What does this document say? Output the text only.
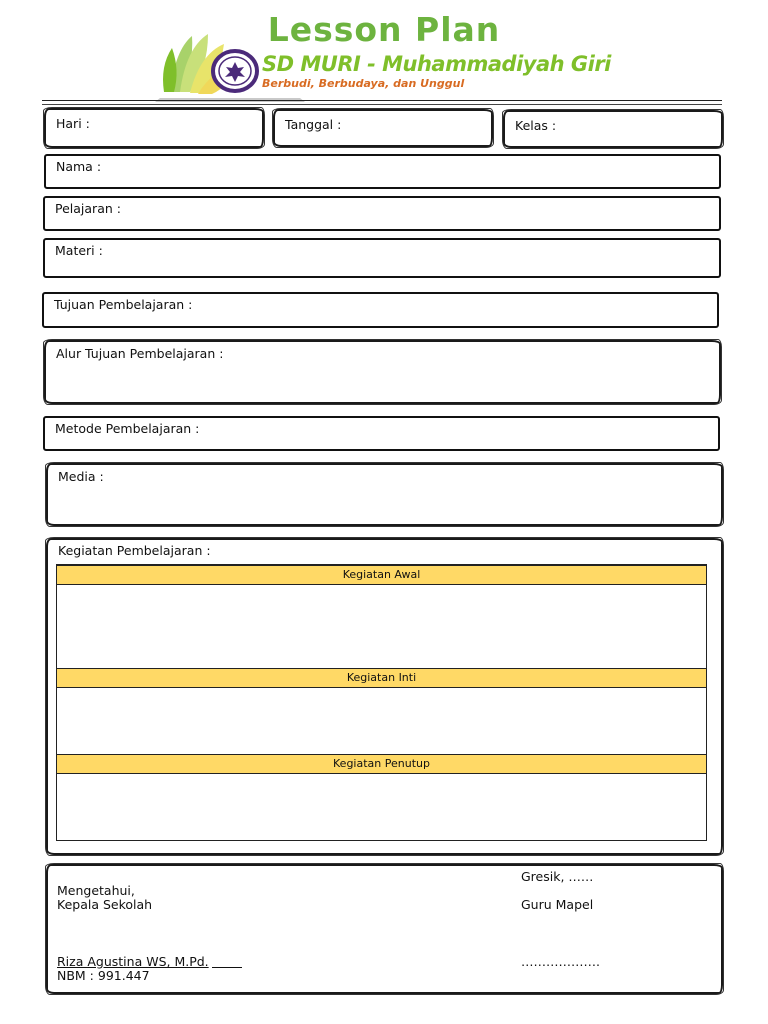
Lesson Plan
SD MURI - Muhammadiyah Giri
Berbudi, Berbudaya, dan Unggul
Hari :	Tanggal :	Kelas :
Nama :
Pelajaran :
Materi :
Tujuan Pembelajaran :
Alur Tujuan Pembelajaran :
Metode Pembelajaran :
Media :
Kegiatan Pembelajaran :
Kegiatan Awal
Kegiatan Inti
Kegiatan Penutup
Mengetahui,
Kepala Sekolah
Riza Agustina WS, M.Pd.
NBM : 991.447
Gresik, ……
Guru Mapel
……………….
